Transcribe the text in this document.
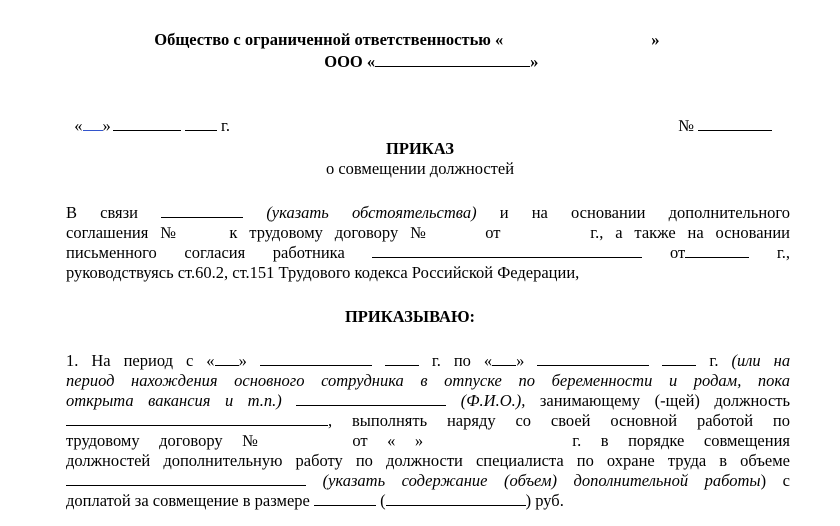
Общество с ограниченной ответственностью «	»

ООО «	»

« »	г.	№

ПРИКАЗ
о совмещении должностей
В связи	(указать обстоятельства) и на основании дополнительного
соглашения №	к трудовому договору №	от	г., а также на основании
письменного согласия работника	от	г.,
руководствуясь ст.60.2, ст.151 Трудового кодекса Российской Федерации,
ПРИКАЗЫВАЮ:
1. На период с « »	г. по « »	г. (или на
период нахождения основного сотрудника в отпуске по беременности и родам, пока
открыта вакансия и т.п.)	(Ф.И.О.), занимающему (-щей) должность
, выполнять наряду со своей основной работой по
трудовому договору №	от « »	г. в порядке совмещения
должностей дополнительную работу по должности специалиста по охране труда в объеме
(указать содержание (объем) дополнительной работы) с
доплатой за совмещение в размере	(	) руб.
